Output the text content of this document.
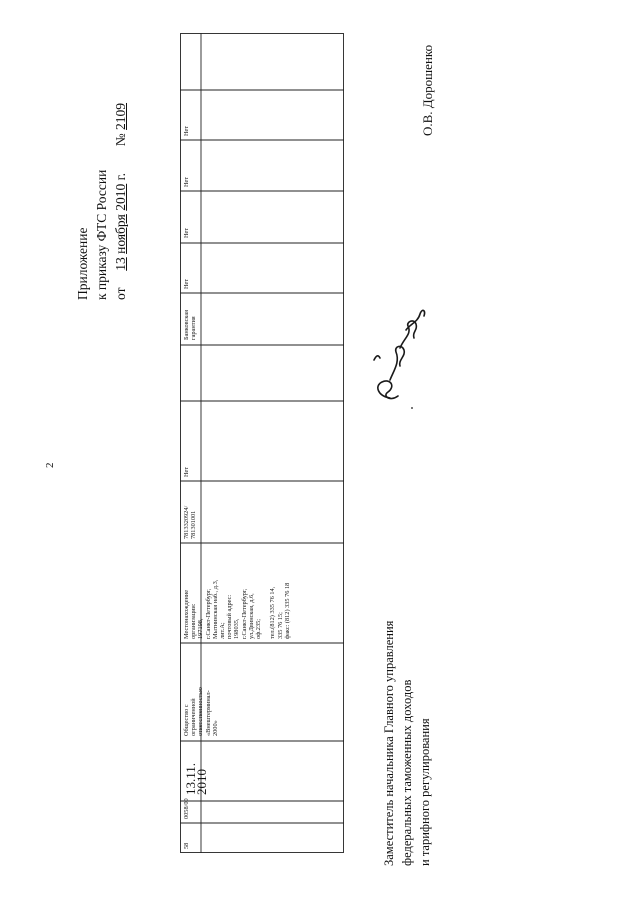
2
Приложение к приказу ФТС России от  13 ноября 2010 г.  № 2109
58
0058/00
13.11.
2010
Общество с
ограниченной
ответственностью
«Внештерминал-
2000»
Местонахождение
организации:
197198,
г.Санкт-Петербург,
Мытнинская наб., д.3,
лит.А;
почтовый адрес:
198035,
г.Санкт-Петербург,
ул.Двинская, д.6,
оф.235;

тел.(812) 335 76 14,
335 76 15;
факс: (812) 335 76 18
7813320924/
781301001
Нет
Банковская
гарантия
Нет
Нет
Нет
Нет
Заместитель начальника Главного управления федеральных таможенных доходов и тарифного регулирования
О.В. Дорошенко
